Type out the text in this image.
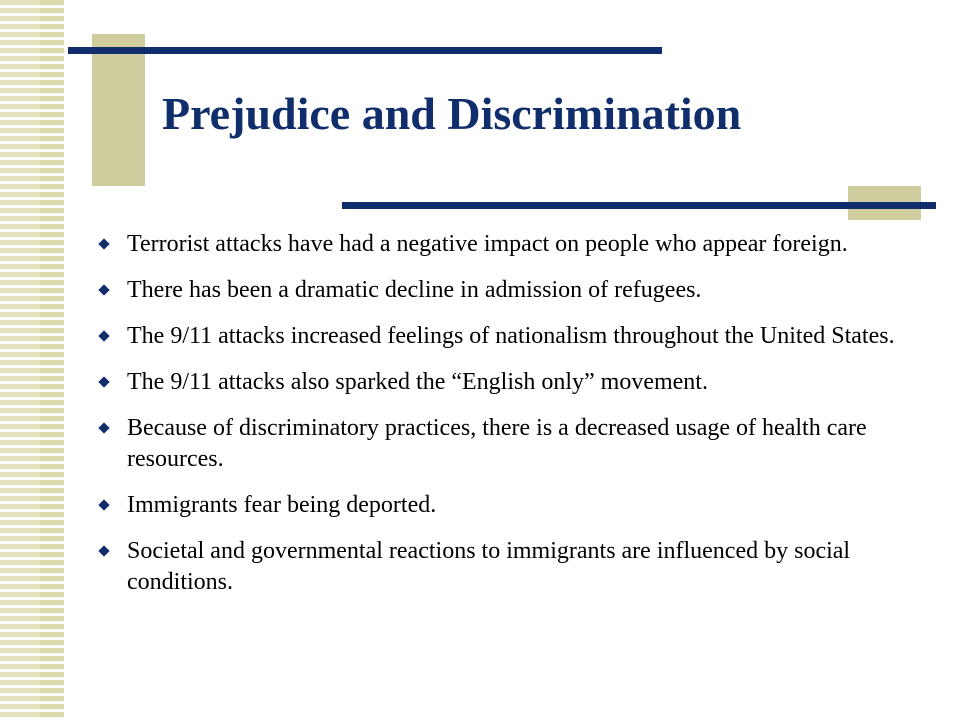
Prejudice and Discrimination
Terrorist attacks have had a negative impact on people who appear foreign.
There has been a dramatic decline in admission of refugees.
The 9/11 attacks increased feelings of nationalism throughout the United States.
The 9/11 attacks also sparked the “English only” movement.
Because of discriminatory practices, there is a decreased usage of health care resources.
Immigrants fear being deported.
Societal and governmental reactions to immigrants are influenced by social conditions.
